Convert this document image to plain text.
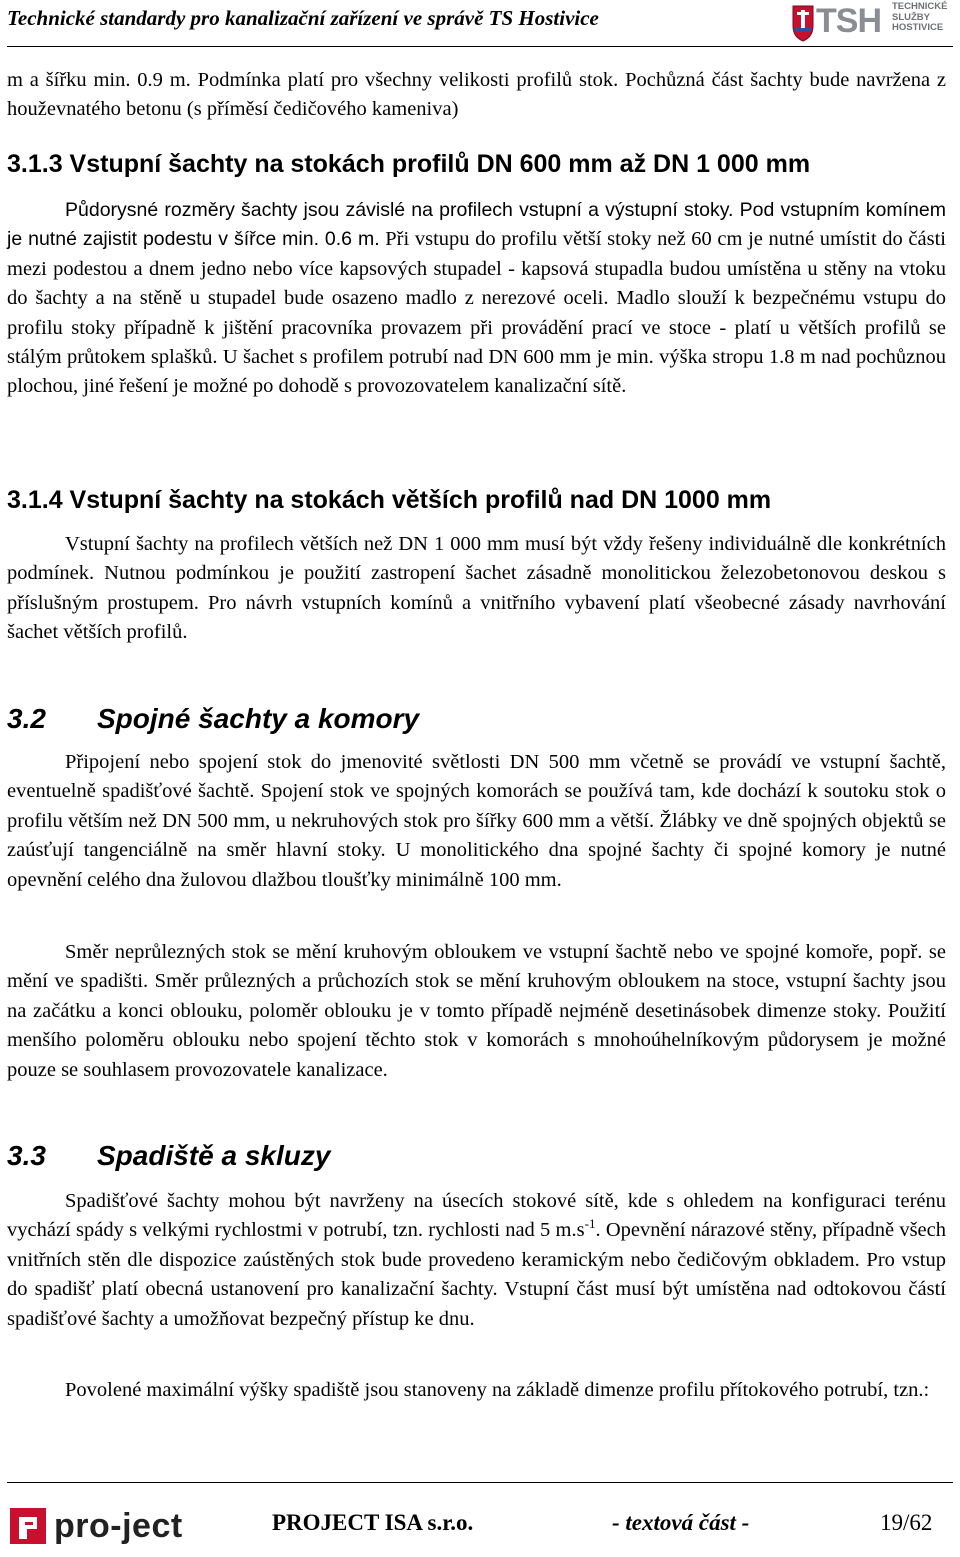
Technické standardy pro kanalizační zařízení ve správě TS Hostivice	TSH TECHNICKÉ
SLUŽBY
HOSTIVICE

m a šířku min. 0.9 m. Podmínka platí pro všechny velikosti profilů stok. Pochůzná část šachty bude navržena z houževnatého betonu (s příměsí čedičového kameniva)

3.1.3 Vstupní šachty na stokách profilů DN 600 mm až DN 1 000 mm

Půdorysné rozměry šachty jsou závislé na profilech vstupní a výstupní stoky. Pod vstupním komínem je nutné zajistit podestu v šířce min. 0.6 m. Při vstupu do profilu větší stoky než 60 cm je nutné umístit do části mezi podestou a dnem jedno nebo více kapsových stupadel - kapsová stupadla budou umístěna u stěny na vtoku do šachty a na stěně u stupadel bude osazeno madlo z nerezové oceli. Madlo slouží k bezpečnému vstupu do profilu stoky případně k jištění pracovníka provazem při provádění prací ve stoce - platí u větších profilů se stálým průtokem splašků. U šachet s profilem potrubí nad DN 600 mm je min. výška stropu 1.8 m nad pochůznou plochou, jiné řešení je možné po dohodě s provozovatelem kanalizační sítě.

3.1.4 Vstupní šachty na stokách větších profilů nad DN 1000 mm

Vstupní šachty na profilech větších než DN 1 000 mm musí být vždy řešeny individuálně dle konkrétních podmínek. Nutnou podmínkou je použití zastropení šachet zásadně monolitickou železobetonovou deskou s příslušným prostupem. Pro návrh vstupních komínů a vnitřního vybavení platí všeobecné zásady navrhování šachet větších profilů.

3.2 Spojné šachty a komory

Připojení nebo spojení stok do jmenovité světlosti DN 500 mm včetně se provádí ve vstupní šachtě, eventuelně spadišťové šachtě. Spojení stok ve spojných komorách se používá tam, kde dochází k soutoku stok o profilu větším než DN 500 mm, u nekruhových stok pro šířky 600 mm a větší. Žlábky ve dně spojných objektů se zaúsťují tangenciálně na směr hlavní stoky. U monolitického dna spojné šachty či spojné komory je nutné opevnění celého dna žulovou dlažbou tloušťky minimálně 100 mm.

Směr neprůlezných stok se mění kruhovým obloukem ve vstupní šachtě nebo ve spojné komoře, popř. se mění ve spadišti. Směr průlezných a průchozích stok se mění kruhovým obloukem na stoce, vstupní šachty jsou na začátku a konci oblouku, poloměr oblouku je v tomto případě nejméně desetinásobek dimenze stoky. Použití menšího poloměru oblouku nebo spojení těchto stok v komorách s mnohoúhelníkovým půdorysem je možné pouze se souhlasem provozovatele kanalizace.

3.3 Spadiště a skluzy

Spadišťové šachty mohou být navrženy na úsecích stokové sítě, kde s ohledem na konfiguraci terénu vychází spády s velkými rychlostmi v potrubí, tzn. rychlosti nad 5 $m.s^{-1}$. Opevnění nárazové stěny, případně všech vnitřních stěn dle dispozice zaústěných stok bude provedeno keramickým nebo čedičovým obkladem. Pro vstup do spadišť platí obecná ustanovení pro kanalizační šachty. Vstupní část musí být umístěna nad odtokovou částí spadišťové šachty a umožňovat bezpečný přístup ke dnu.

Povolené maximální výšky spadiště jsou stanoveny na základě dimenze profilu přítokového potrubí, tzn.:

pro-ject	PROJECT ISA s.r.o.	- textová část -	19/62
